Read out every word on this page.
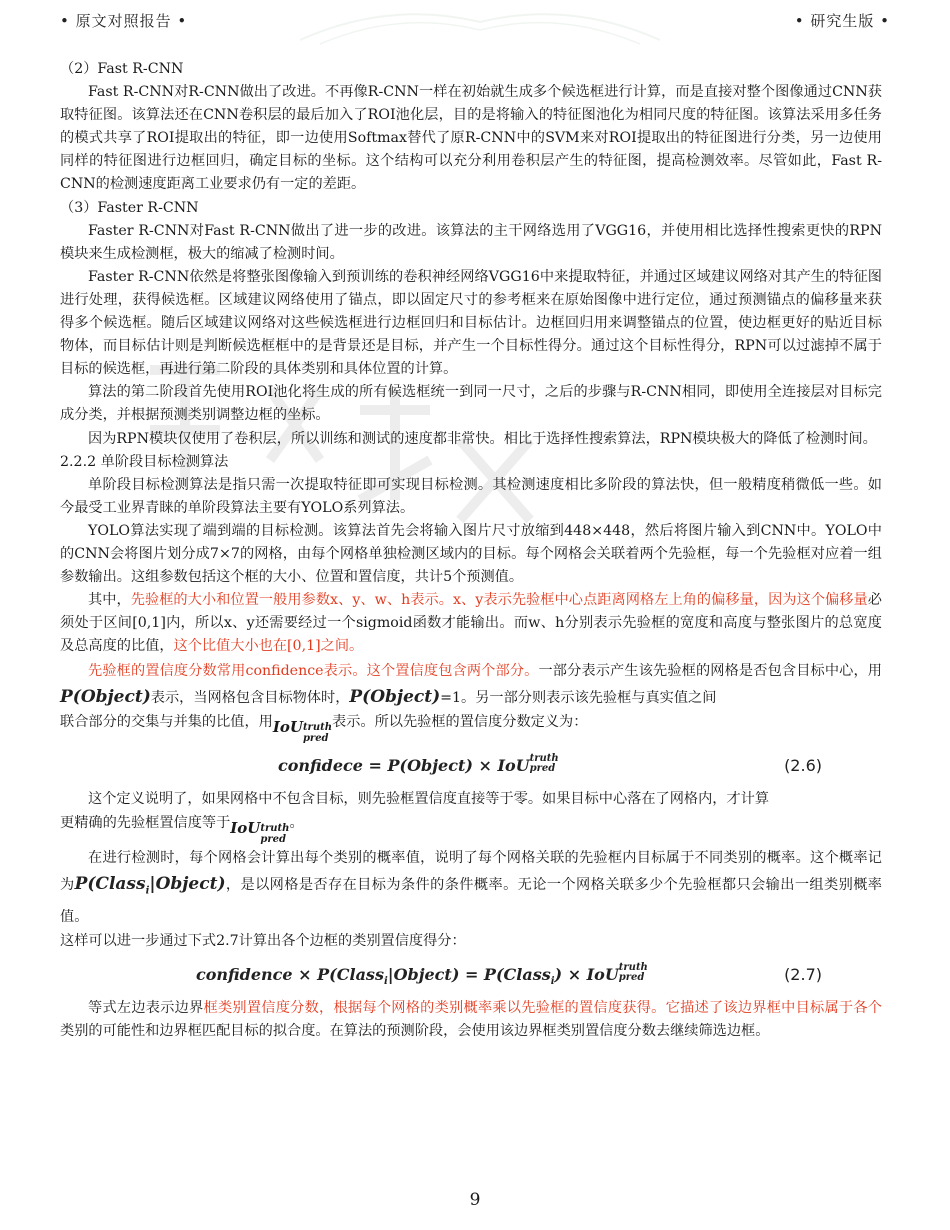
• 原文对照报告 •	• 研究生版 •

（2）Fast R-CNN

Fast R-CNN对R-CNN做出了改进。不再像R-CNN一样在初始就生成多个候选框进行计算，而是直接对整个图像通过CNN获取特征图。该算法还在CNN卷积层的最后加入了ROI池化层，目的是将输入的特征图池化为相同尺度的特征图。该算法采用多任务的模式共享了ROI提取出的特征，即一边使用Softmax替代了原R-CNN中的SVM来对ROI提取出的特征图进行分类，另一边使用同样的特征图进行边框回归，确定目标的坐标。这个结构可以充分利用卷积层产生的特征图，提高检测效率。尽管如此，Fast R-CNN的检测速度距离工业要求仍有一定的差距。

（3）Faster R-CNN

Faster R-CNN对Fast R-CNN做出了进一步的改进。该算法的主干网络选用了VGG16，并使用相比选择性搜索更快的RPN模块来生成检测框，极大的缩减了检测时间。

Faster R-CNN依然是将整张图像输入到预训练的卷积神经网络VGG16中来提取特征，并通过区域建议网络对其产生的特征图进行处理，获得候选框。区域建议网络使用了锚点，即以固定尺寸的参考框来在原始图像中进行定位，通过预测锚点的偏移量来获得多个候选框。随后区域建议网络对这些候选框进行边框回归和目标估计。边框回归用来调整锚点的位置，使边框更好的贴近目标物体，而目标估计则是判断候选框框中的是背景还是目标，并产生一个目标性得分。通过这个目标性得分，RPN可以过滤掉不属于目标的候选框，再进行第二阶段的具体类别和具体位置的计算。

算法的第二阶段首先使用ROI池化将生成的所有候选框统一到同一尺寸，之后的步骤与R-CNN相同，即使用全连接层对目标完成分类，并根据预测类别调整边框的坐标。

因为RPN模块仅使用了卷积层，所以训练和测试的速度都非常快。相比于选择性搜索算法，RPN模块极大的降低了检测时间。

2.2.2 单阶段目标检测算法

单阶段目标检测算法是指只需一次提取特征即可实现目标检测。其检测速度相比多阶段的算法快，但一般精度稍微低一些。如今最受工业界青睐的单阶段算法主要有YOLO系列算法。

YOLO算法实现了端到端的目标检测。该算法首先会将输入图片尺寸放缩到448×448，然后将图片输入到CNN中。YOLO中的CNN会将图片划分成7×7的网格，由每个网格单独检测区域内的目标。每个网格会关联着两个先验框，每一个先验框对应着一组参数输出。这组参数包括这个框的大小、位置和置信度，共计5个预测值。

其中，先验框的大小和位置一般用参数x、y、w、h表示。x、y表示先验框中心点距离网格左上角的偏移量，因为这个偏移量必须处于区间[0,1]内，所以x、y还需要经过一个sigmoid函数才能输出。而w、h分别表示先验框的宽度和高度与整张图片的总宽度及总高度的比值，这个比值大小也在[0,1]之间。

先验框的置信度分数常用confidence表示。这个置信度包含两个部分。一部分表示产生该先验框的网格是否包含目标中心，用P(Object)表示，当网格包含目标物体时，P(Object)=1。另一部分则表示该先验框与真实值之间

联合部分的交集与并集的比值，用IoU truth
pred
表示。所以先验框的置信度分数定义为：

confidece = P(Object) × IoU truth
pred	(2.6)

这个定义说明了，如果网格中不包含目标，则先验框置信度直接等于零。如果目标中心落在了网格内，才计算

更精确的先验框置信度等于IoU truth
pred
。

在进行检测时，每个网格会计算出每个类别的概率值，说明了每个网格关联的先验框内目标属于不同类别的概率。这个概率记为P(Class$_i$|Object)，是以网格是否存在目标为条件的条件概率。无论一个网格关联多少个先验框都只会输出一组类别概率值。

这样可以进一步通过下式2.7计算出各个边框的类别置信度得分：

confidence × P(Class$_i$|Object) = P(Class$_i$) × IoU truth
pred	(2.7)

等式左边表示边界框类别置信度分数，根据每个网格的类别概率乘以先验框的置信度获得。它描述了该边界框中目标属于各个类别的可能性和边界框匹配目标的拟合度。在算法的预测阶段，会使用该边界框类别置信度分数去继续筛选边框。

9
